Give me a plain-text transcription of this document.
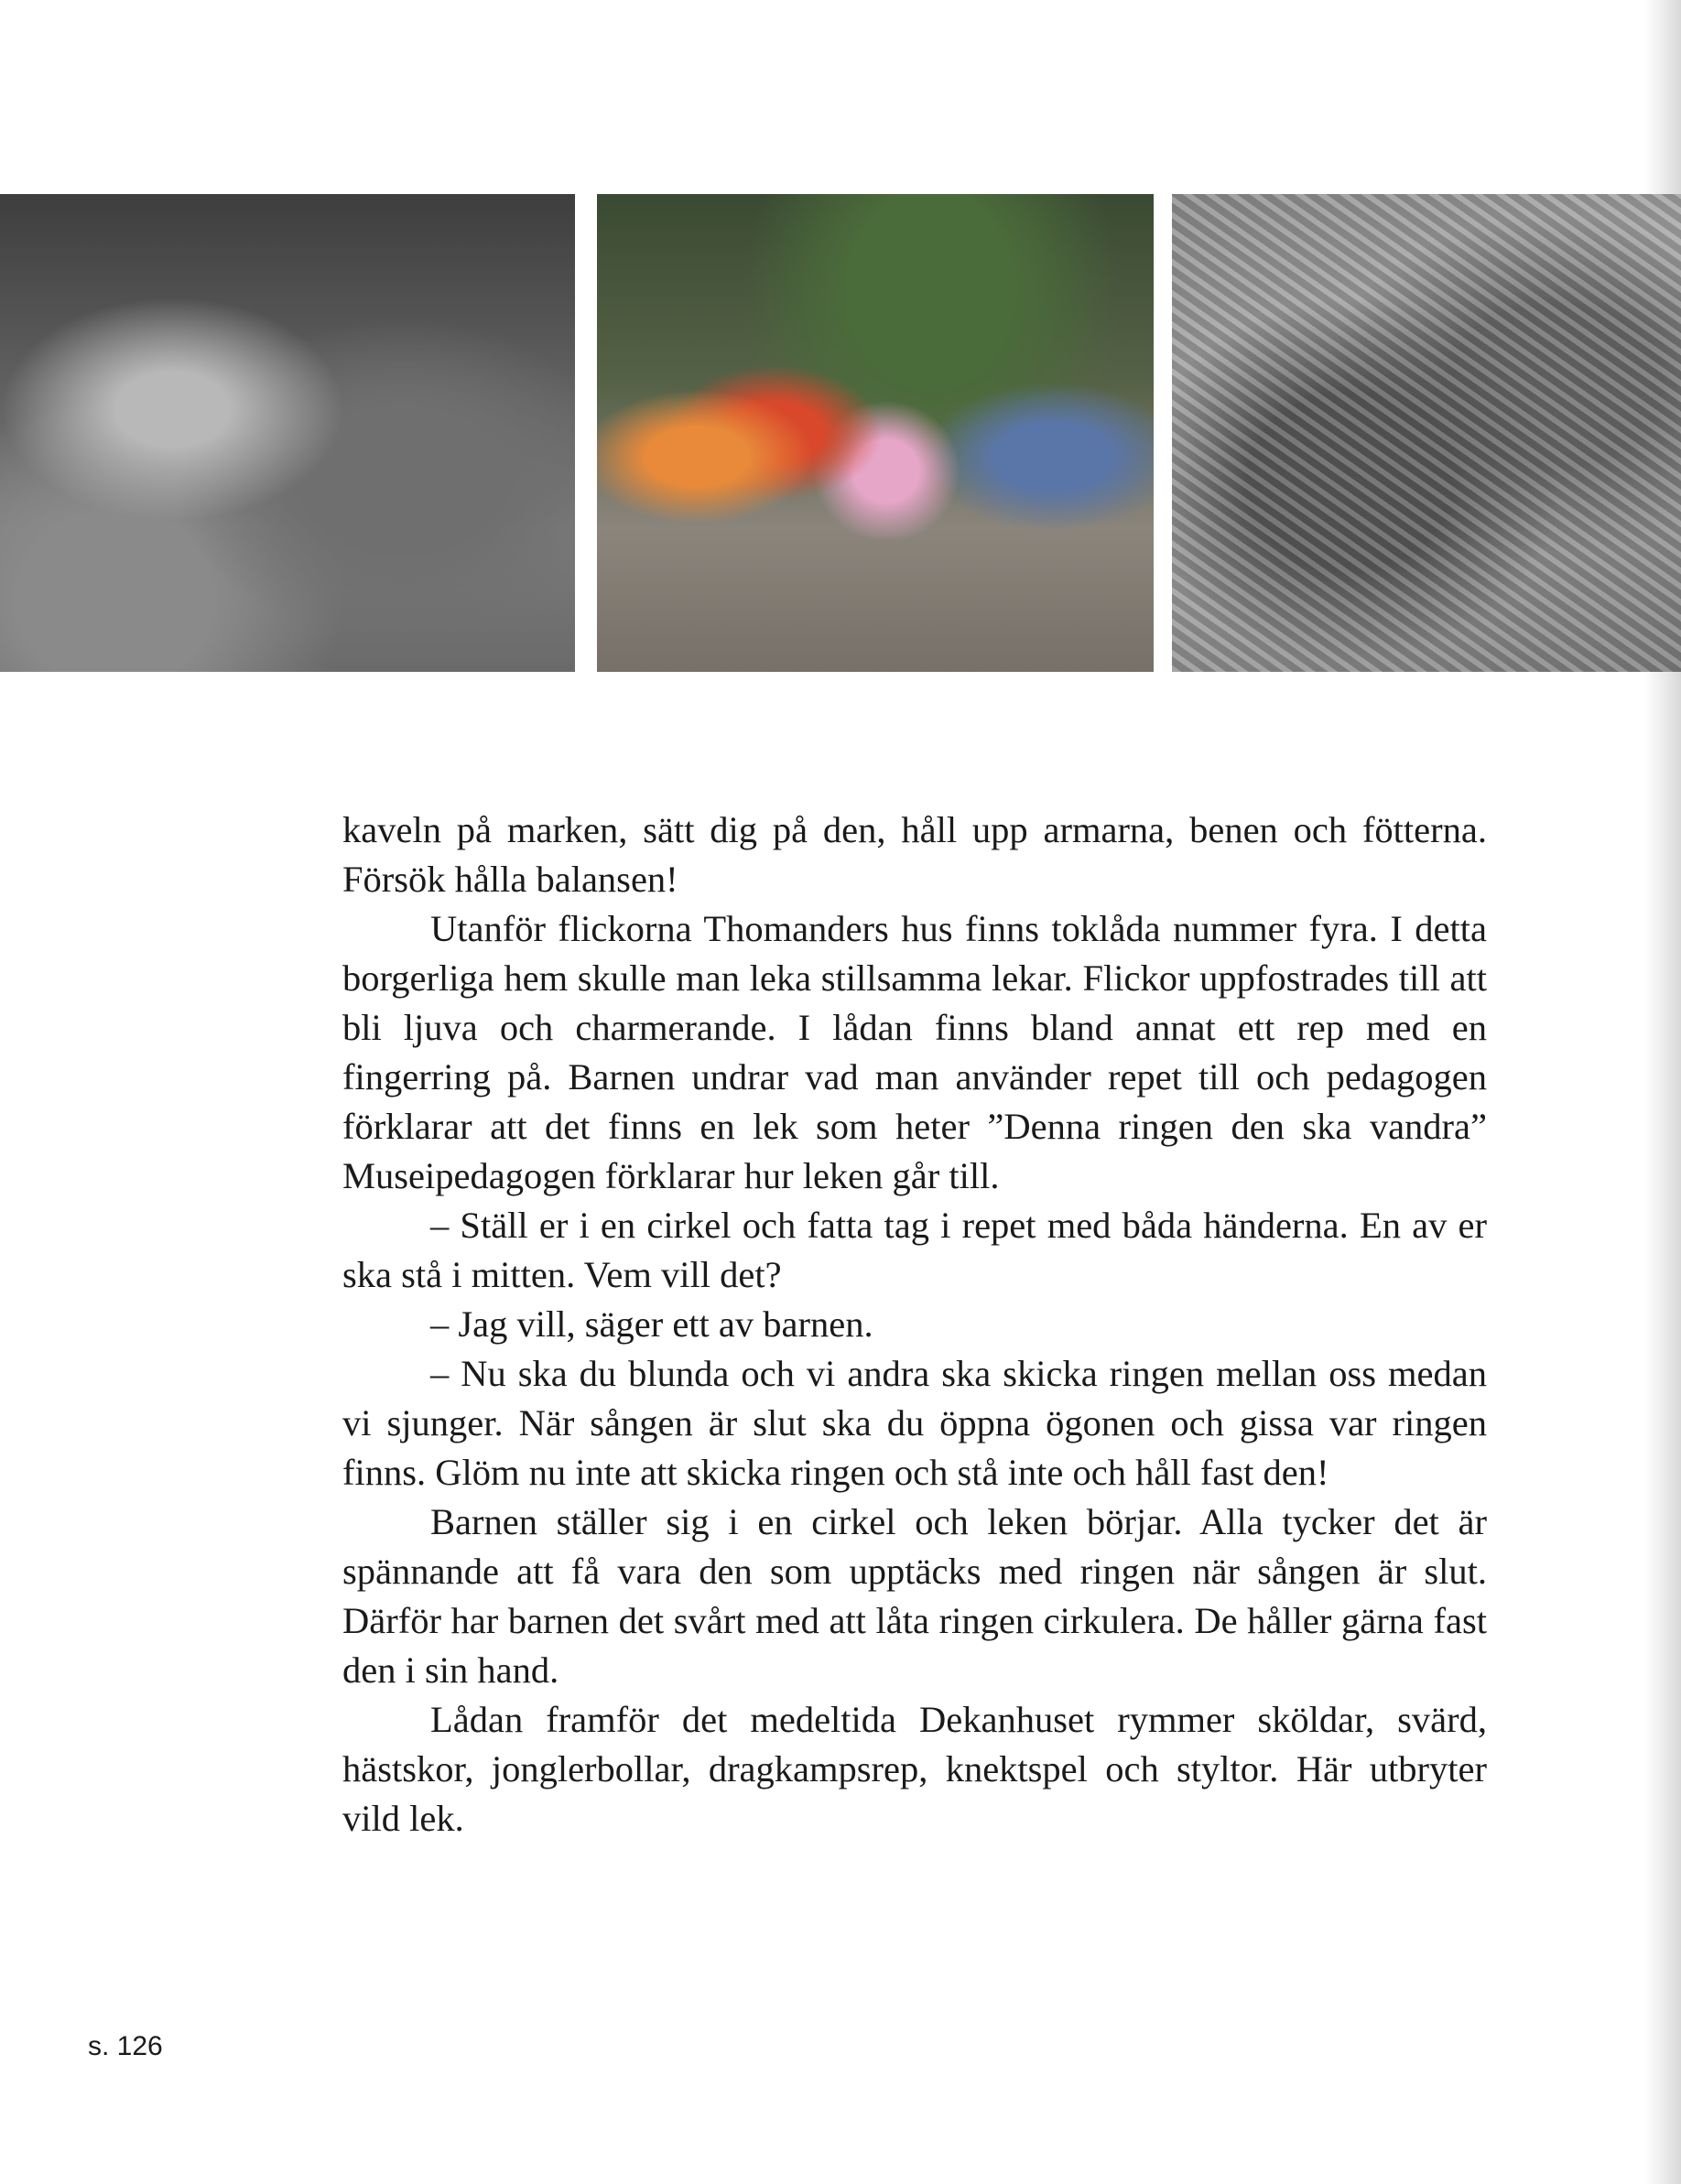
kaveln på marken, sätt dig på den, håll upp armarna, benen och fötterna. Försök hålla balansen!

Utanför flickorna Thomanders hus finns toklåda nummer fyra. I detta borgerliga hem skulle man leka stillsamma lekar. Flickor uppfostrades till att bli ljuva och charmerande. I lådan finns bland annat ett rep med en fingerring på. Barnen undrar vad man använder repet till och pedagogen förklarar att det finns en lek som heter ”Denna ringen den ska vandra” Museipedagogen förklarar hur leken går till.

– Ställ er i en cirkel och fatta tag i repet med båda händerna. En av er ska stå i mitten. Vem vill det?

– Jag vill, säger ett av barnen.

– Nu ska du blunda och vi andra ska skicka ringen mellan oss medan vi sjunger. När sången är slut ska du öppna ögonen och gissa var ringen finns. Glöm nu inte att skicka ringen och stå inte och håll fast den!

Barnen ställer sig i en cirkel och leken börjar. Alla tycker det är spännande att få vara den som upptäcks med ringen när sången är slut. Därför har barnen det svårt med att låta ringen cirkulera. De håller gärna fast den i sin hand.

Lådan framför det medeltida Dekanhuset rymmer sköldar, svärd, hästskor, jonglerbollar, dragkampsrep, knektspel och styltor. Här utbryter vild lek.

s. 126
